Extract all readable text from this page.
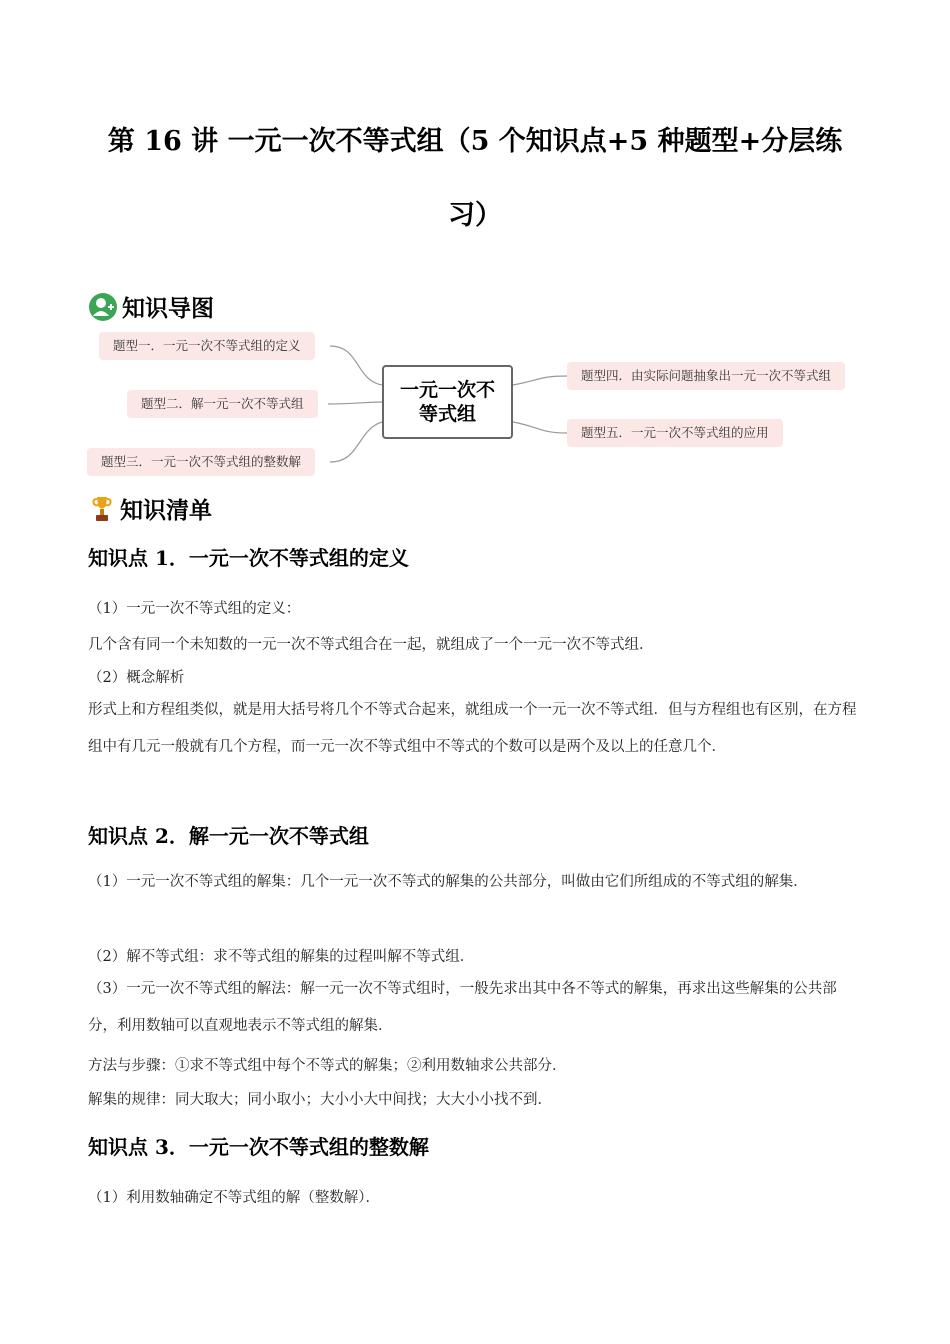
第 16 讲 一元一次不等式组（5 个知识点+5 种题型+分层练
习）
知识导图
题型一．一元一次不等式组的定义
题型二．解一元一次不等式组
题型三．一元一次不等式组的整数解
一元一次不等式组
题型四．由实际问题抽象出一元一次不等式组
题型五．一元一次不等式组的应用
知识清单
知识点 1．一元一次不等式组的定义
（1）一元一次不等式组的定义：
几个含有同一个未知数的一元一次不等式组合在一起，就组成了一个一元一次不等式组．
（2）概念解析
形式上和方程组类似，就是用大括号将几个不等式合起来，就组成一个一元一次不等式组．但与方程组也有区别，在方程组中有几元一般就有几个方程，而一元一次不等式组中不等式的个数可以是两个及以上的任意几个．
知识点 2．解一元一次不等式组
（1）一元一次不等式组的解集：几个一元一次不等式的解集的公共部分，叫做由它们所组成的不等式组的解集．
（2）解不等式组：求不等式组的解集的过程叫解不等式组．
（3）一元一次不等式组的解法：解一元一次不等式组时，一般先求出其中各不等式的解集，再求出这些解集的公共部分，利用数轴可以直观地表示不等式组的解集．
方法与步骤：①求不等式组中每个不等式的解集；②利用数轴求公共部分．
解集的规律：同大取大；同小取小；大小小大中间找；大大小小找不到．
知识点 3．一元一次不等式组的整数解
（1）利用数轴确定不等式组的解（整数解）．
